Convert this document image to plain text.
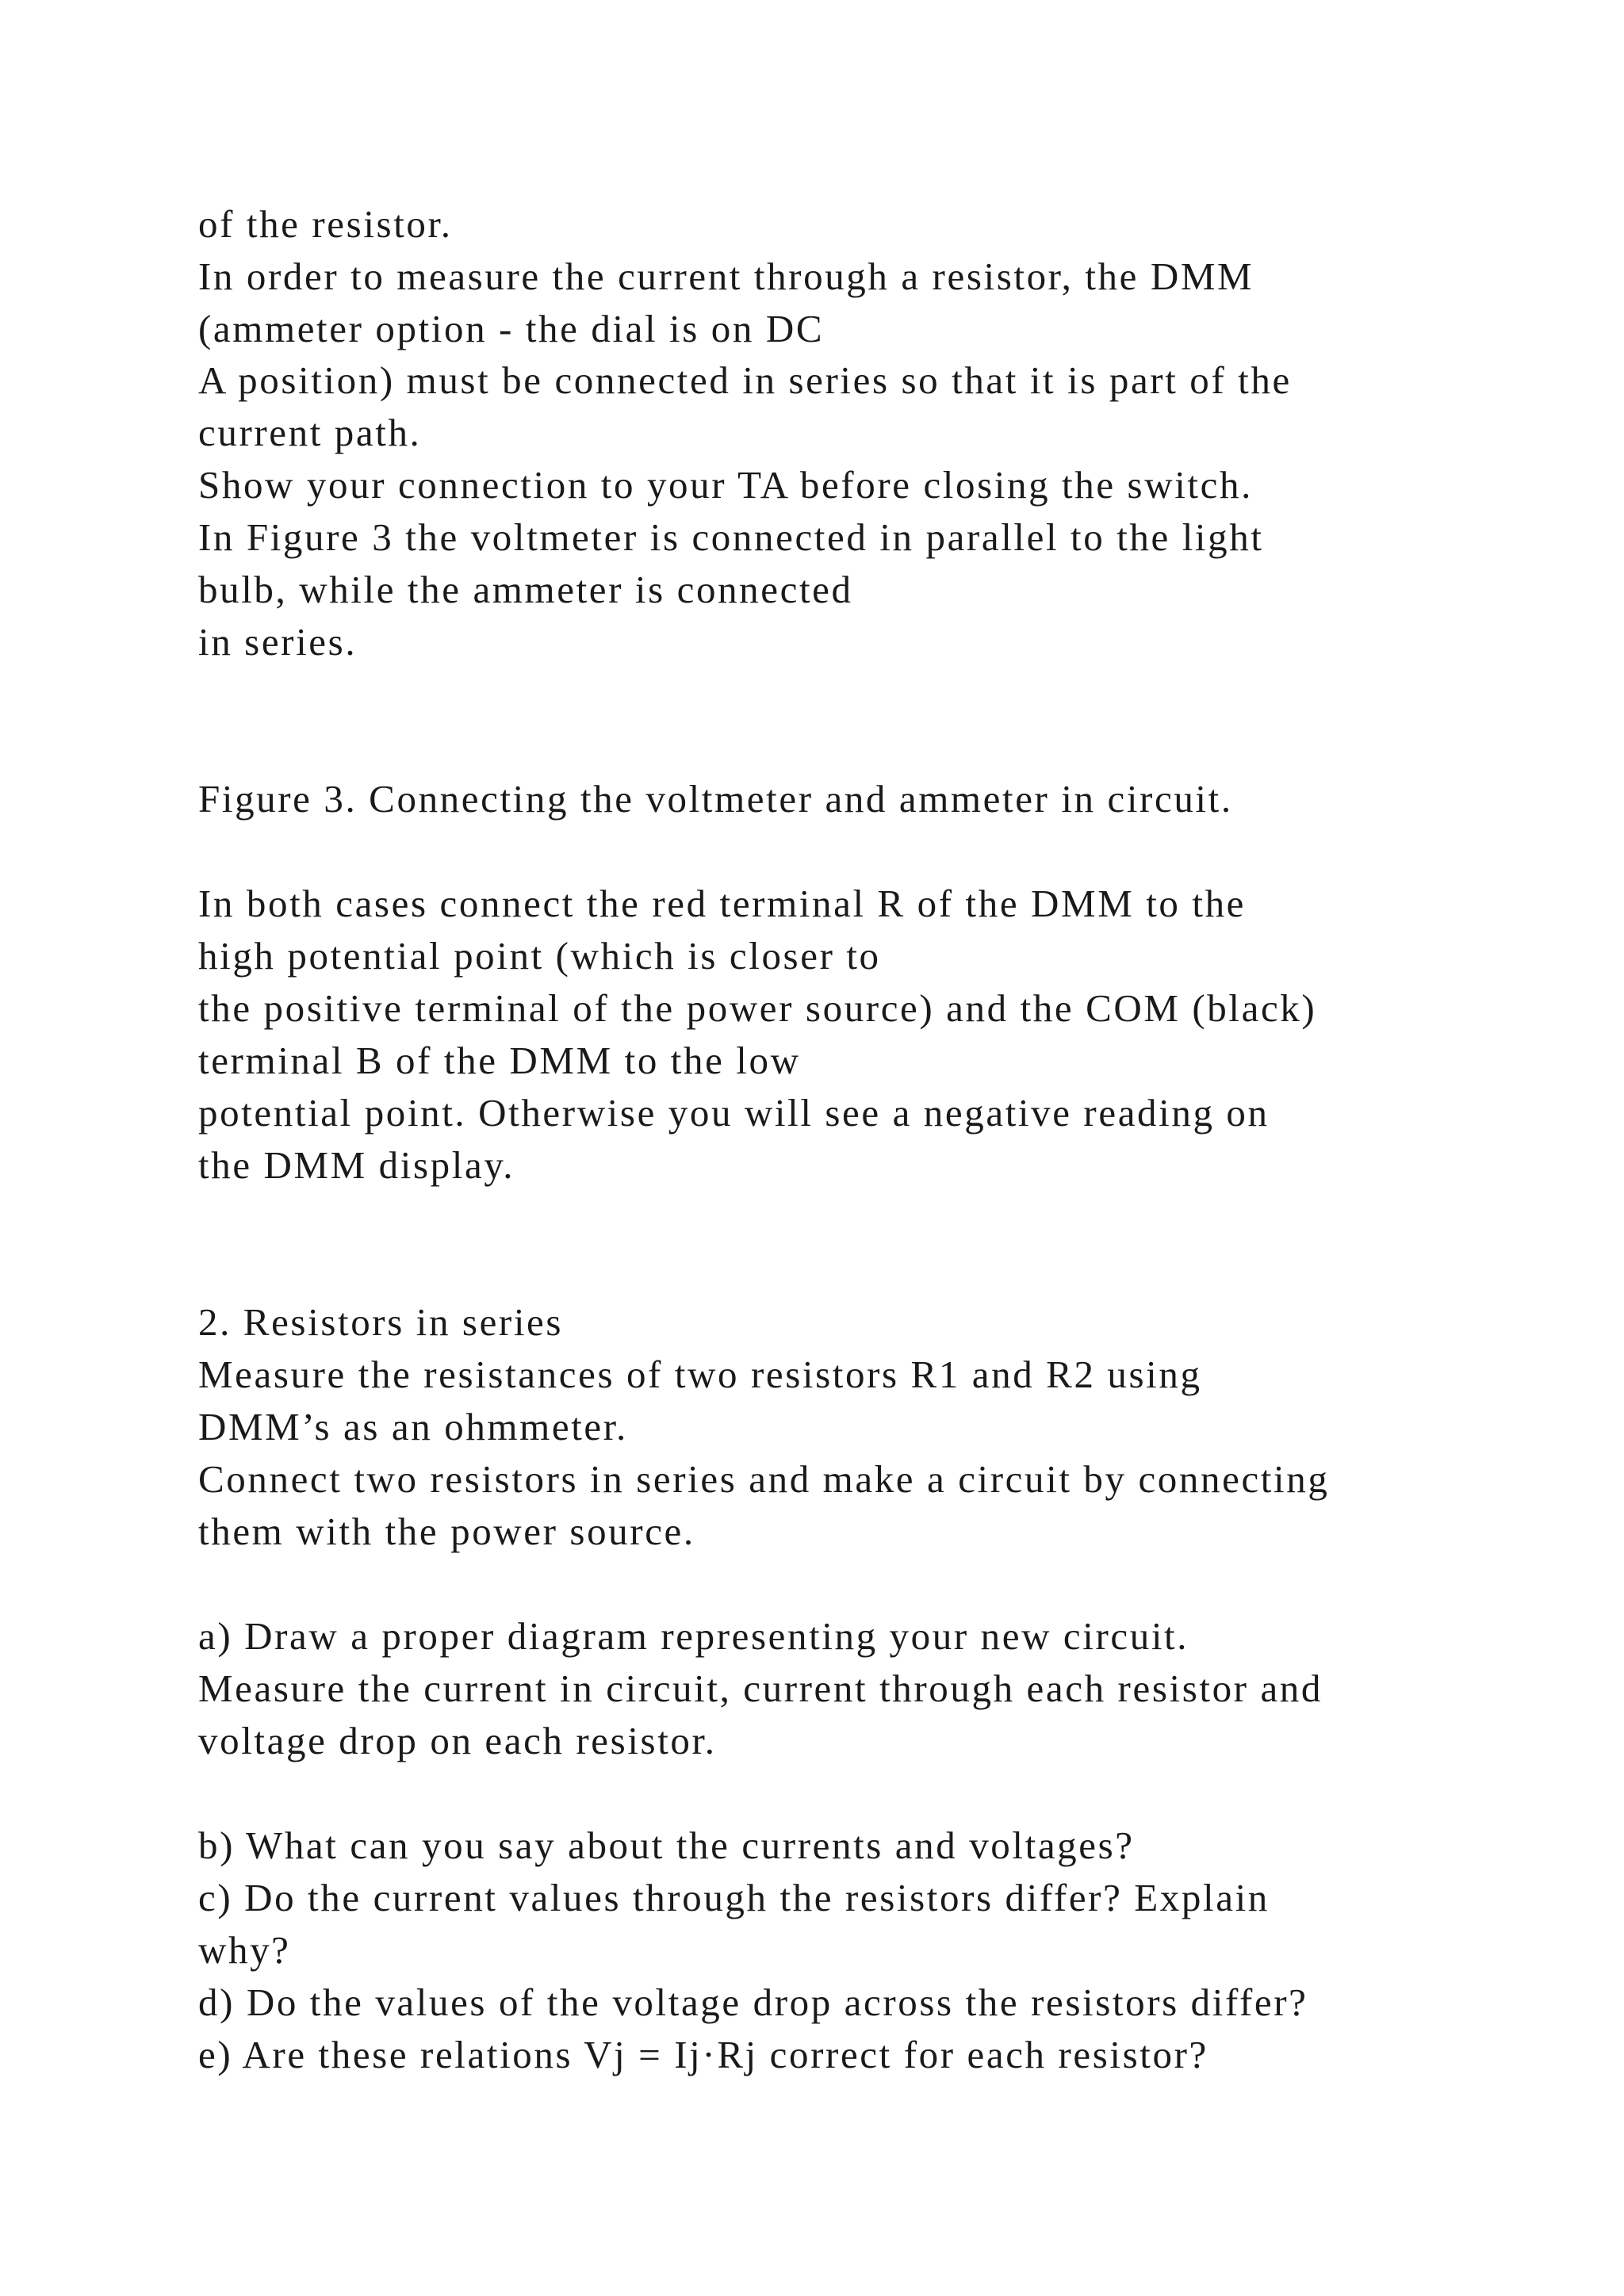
of the resistor.

In order to measure the current through a resistor, the DMM

(ammeter option - the dial is on DC

A position) must be connected in series so that it is part of the

current path.

Show your connection to your TA before closing the switch.

In Figure 3 the voltmeter is connected in parallel to the light

bulb, while the ammeter is connected

in series.

Figure 3. Connecting the voltmeter and ammeter in circuit.

In both cases connect the red terminal R of the DMM to the

high potential point (which is closer to

the positive terminal of the power source) and the COM (black)

terminal B of the DMM to the low

potential point. Otherwise you will see a negative reading on

the DMM display.

2. Resistors in series

Measure the resistances of two resistors R1 and R2 using

DMM’s as an ohmmeter.

Connect two resistors in series and make a circuit by connecting

them with the power source.

a) Draw a proper diagram representing your new circuit.

Measure the current in circuit, current through each resistor and

voltage drop on each resistor.

b) What can you say about the currents and voltages?

c) Do the current values through the resistors differ? Explain

why?

d) Do the values of the voltage drop across the resistors differ?

e) Are these relations Vj = Ij·Rj correct for each resistor?
